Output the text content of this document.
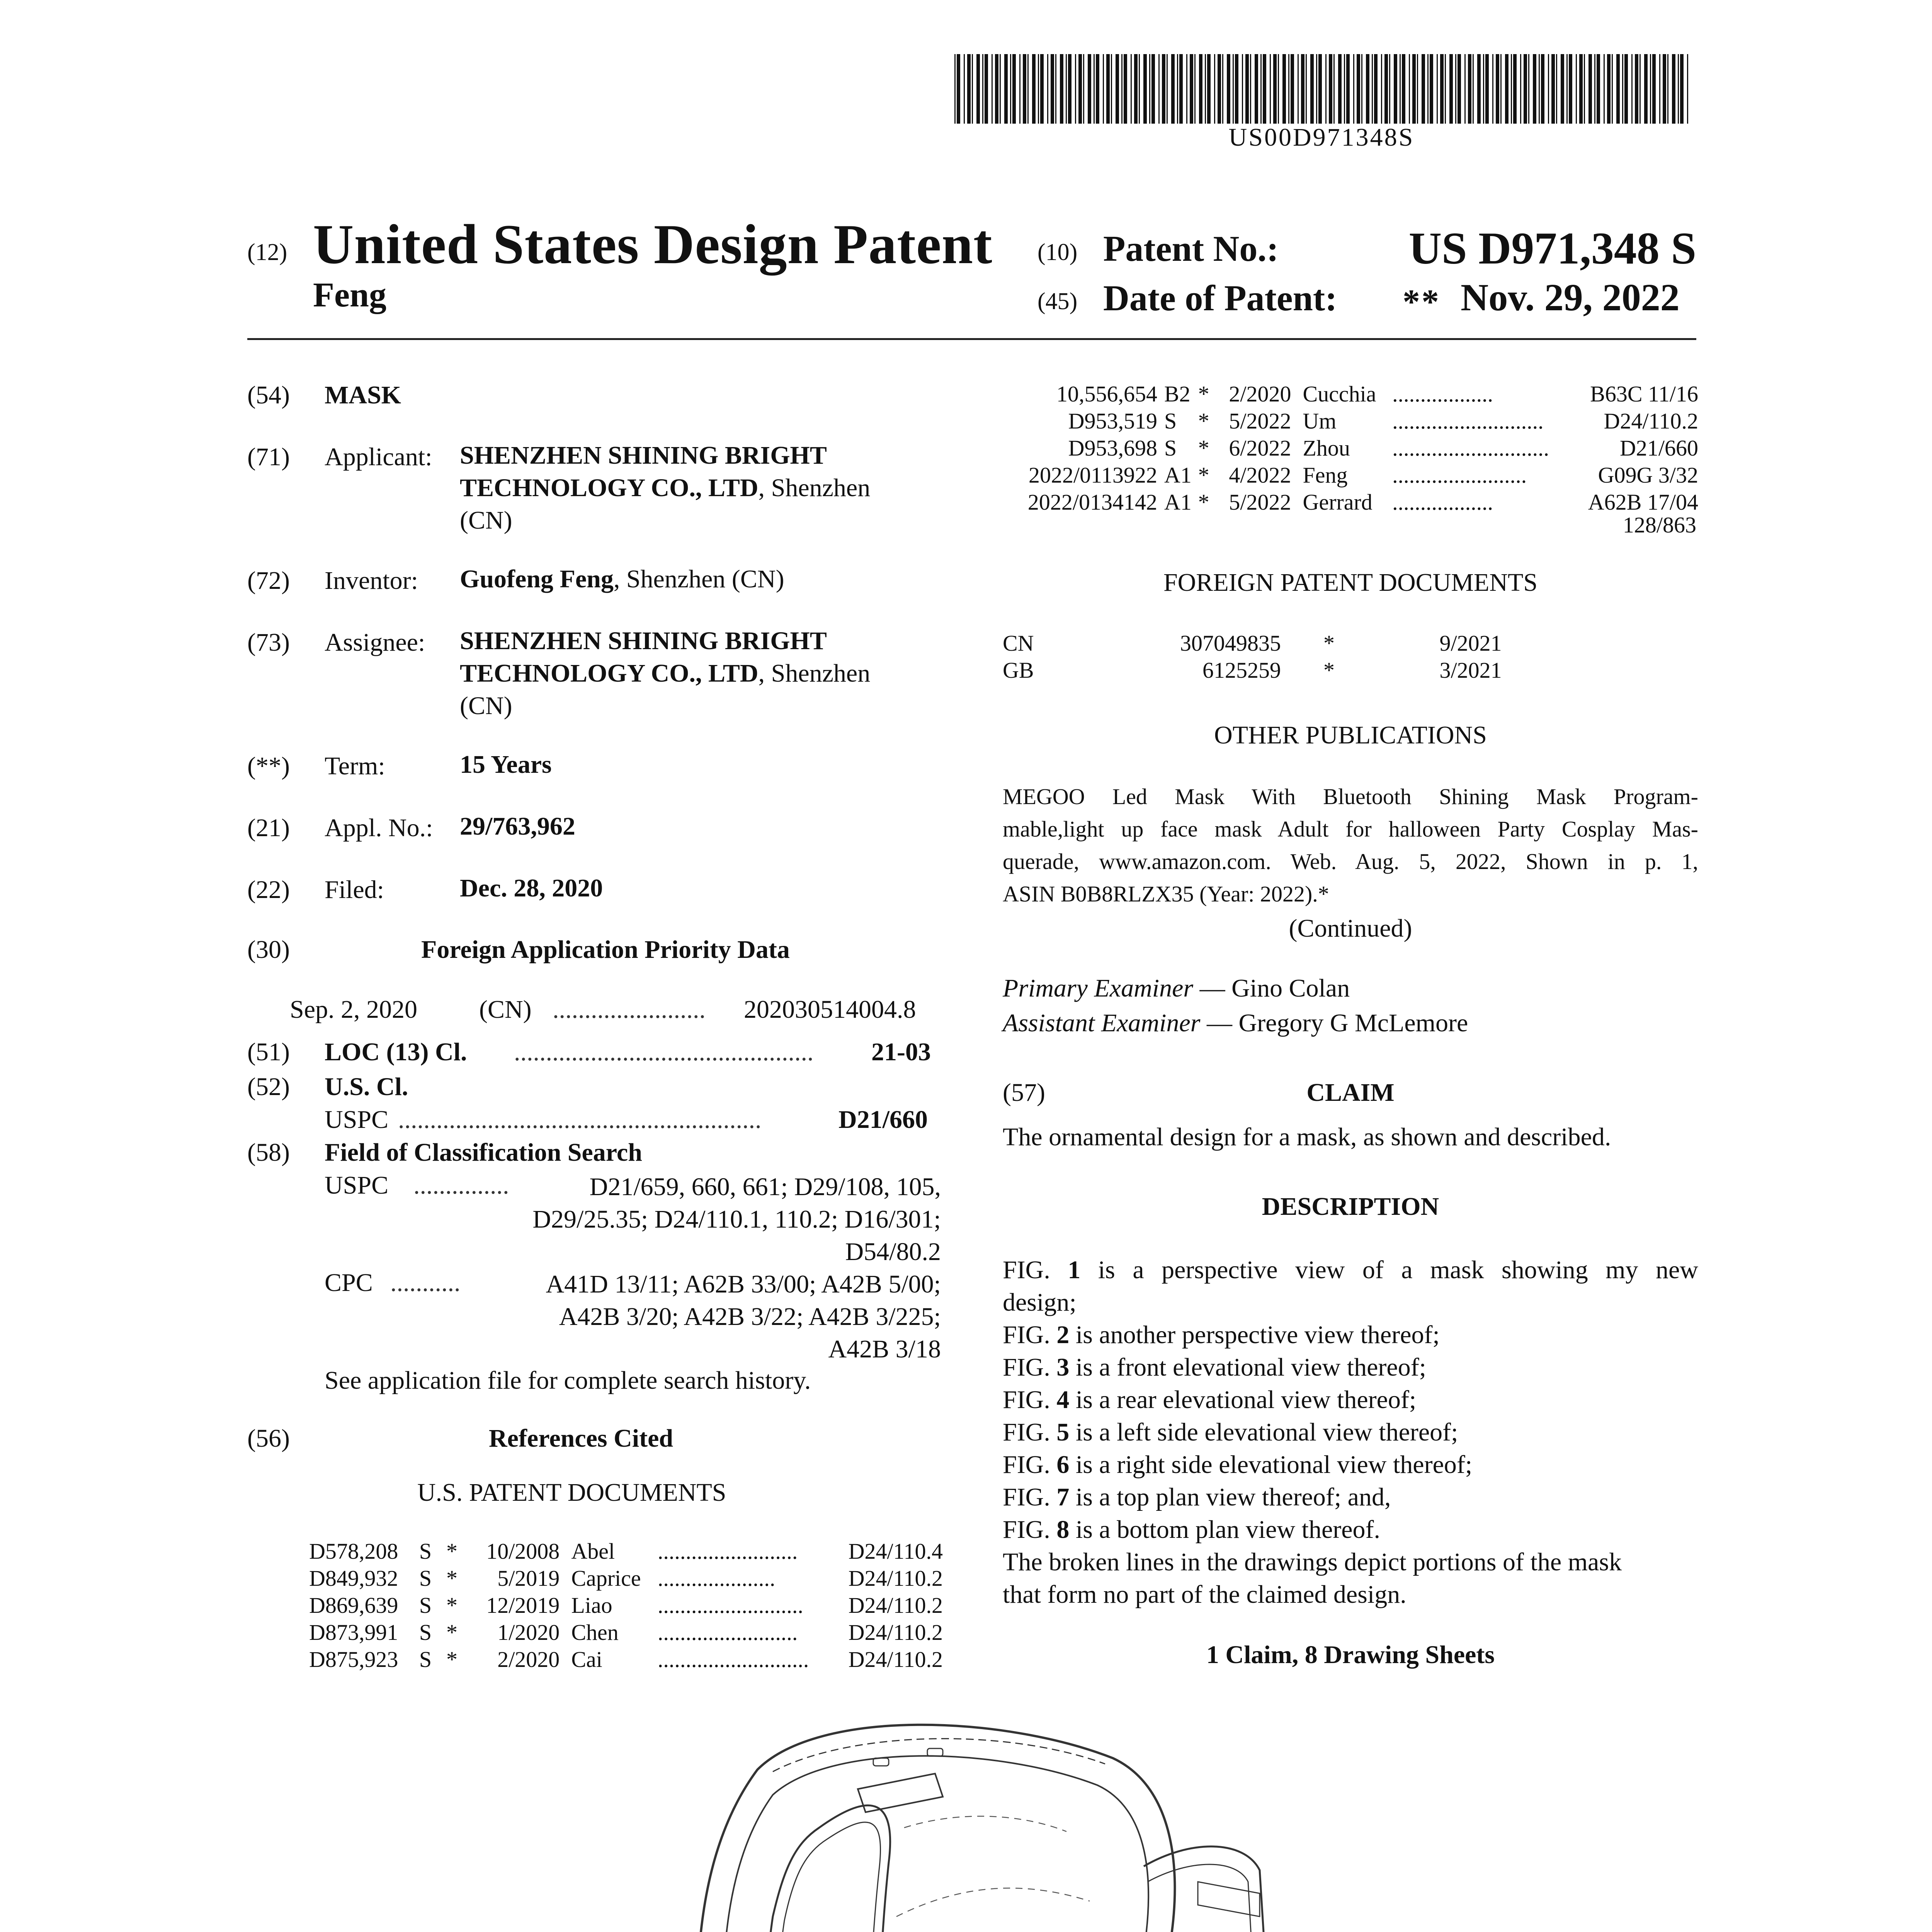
US00D971348S
(12) United States Design Patent
Feng
(10) Patent No.:	US D971,348 S
(45) Date of Patent: ** Nov. 29, 2022
(54) MASK
(71) Applicant: SHENZHEN SHINING BRIGHT
TECHNOLOGY CO., LTD, Shenzhen
(CN)
(72) Inventor: Guofeng Feng, Shenzhen (CN)
(73) Assignee: SHENZHEN SHINING BRIGHT
TECHNOLOGY CO., LTD, Shenzhen
(CN)
(**) Term:	15 Years
(21) Appl. No.: 29/763,962
(22) Filed:	Dec. 28, 2020
(30)	Foreign Application Priority Data
Sep. 2, 2020 (CN) ........................ 202030514004.8
(51) LOC (13) Cl. ............................................... 21-03
(52) U.S. Cl.
USPC .........................................................	D21/660
(58) Field of Classification Search
USPC ...............	D21/659, 660, 661; D29/108, 105,
D29/25.35; D24/110.1, 110.2; D16/301;
D54/80.2
CPC ...........	A41D 13/11; A62B 33/00; A42B 5/00;
A42B 3/20; A42B 3/22; A42B 3/225;
A42B 3/18
See application file for complete search history.
(56)	References Cited
U.S. PATENT DOCUMENTS
D578,208	S	*	10/2008	Abel	.........................	D24/110.4
D849,932	S	*	5/2019	Caprice	.....................	D24/110.2
D869,639	S	*	12/2019	Liao	..........................	D24/110.2
D873,991	S	*	1/2020	Chen	.........................	D24/110.2
D875,923	S	*	2/2020	Cai	...........................	D24/110.2
10,556,654	B2	*	2/2020	Cucchia	..................	B63C 11/16
D953,519	S	*	5/2022	Um	...........................	D24/110.2
D953,698	S	*	6/2022	Zhou	............................	D21/660
2022/0113922	A1	*	4/2022	Feng	........................	G09G 3/32
2022/0134142	A1	*	5/2022	Gerrard	..................	A62B 17/04
128/863
FOREIGN PATENT DOCUMENTS
CN	307049835	*	9/2021
GB	6125259	*	3/2021
OTHER PUBLICATIONS
MEGOO Led Mask With Bluetooth Shining Mask Program-
mable,light up face mask Adult for halloween Party Cosplay Mas-
querade, www.amazon.com. Web. Aug. 5, 2022, Shown in p. 1,
ASIN B0B8RLZX35 (Year: 2022).*
(Continued)
Primary Examiner — Gino Colan
Assistant Examiner — Gregory G McLemore
(57)	CLAIM
The ornamental design for a mask, as shown and described.
DESCRIPTION
FIG. 1 is a perspective view of a mask showing my new
design;
FIG. 2 is another perspective view thereof;
FIG. 3 is a front elevational view thereof;
FIG. 4 is a rear elevational view thereof;
FIG. 5 is a left side elevational view thereof;
FIG. 6 is a right side elevational view thereof;
FIG. 7 is a top plan view thereof; and,
FIG. 8 is a bottom plan view thereof.
The broken lines in the drawings depict portions of the mask
that form no part of the claimed design.
1 Claim, 8 Drawing Sheets
